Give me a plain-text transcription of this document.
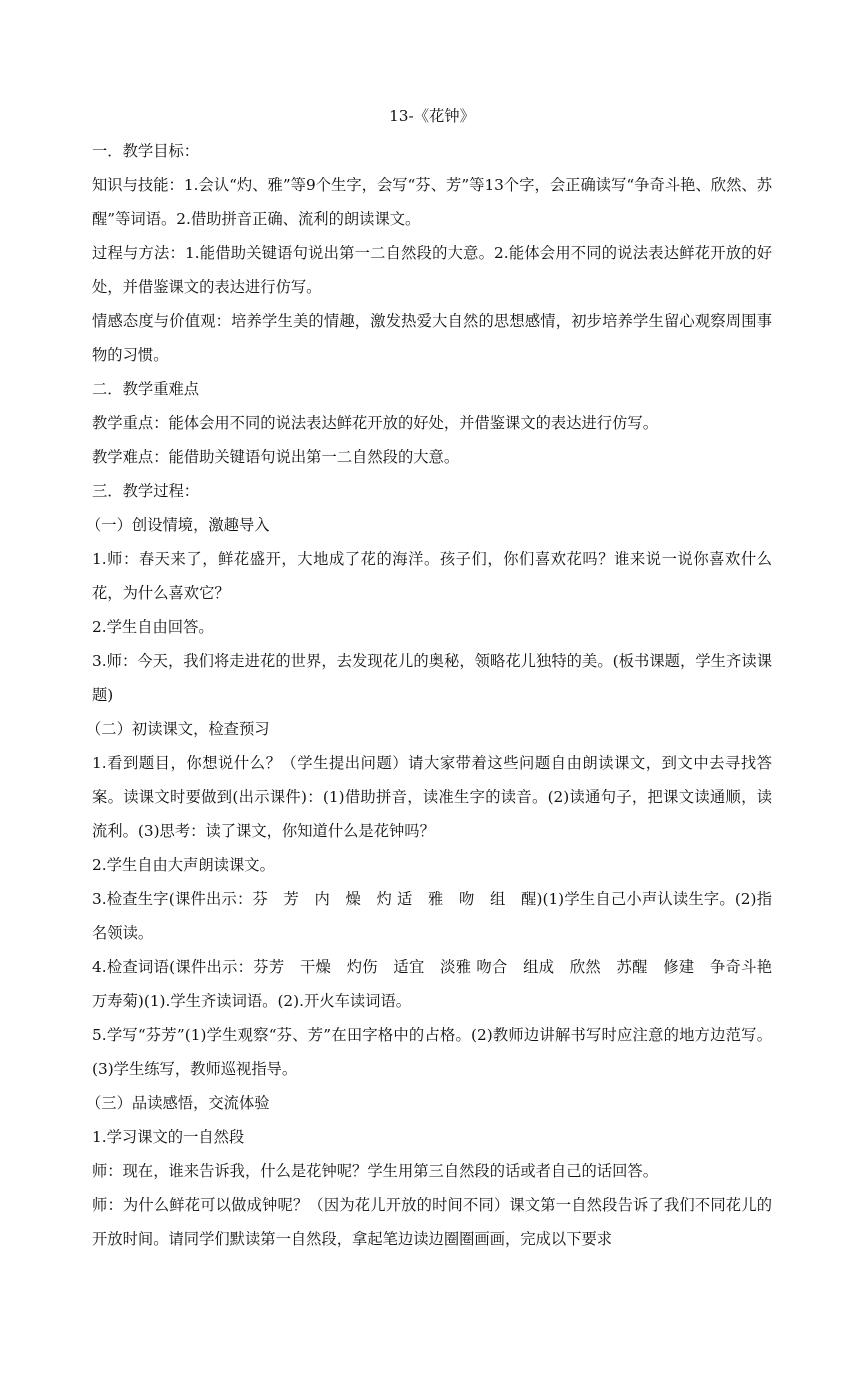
13-《花钟》

一．教学目标：

知识与技能：1.会认“灼、雅”等9个生字，会写“芬、芳”等13个字，会正确读写“争奇斗艳、欣然、苏醒”等词语。2.借助拼音正确、流利的朗读课文。

过程与方法：1.能借助关键语句说出第一二自然段的大意。2.能体会用不同的说法表达鲜花开放的好处，并借鉴课文的表达进行仿写。

情感态度与价值观：培养学生美的情趣，激发热爱大自然的思想感情，初步培养学生留心观察周围事物的习惯。

二．教学重难点

教学重点：能体会用不同的说法表达鲜花开放的好处，并借鉴课文的表达进行仿写。

教学难点：能借助关键语句说出第一二自然段的大意。

三．教学过程：

（一）创设情境，激趣导入

1.师：春天来了，鲜花盛开，大地成了花的海洋。孩子们，你们喜欢花吗？谁来说一说你喜欢什么花，为什么喜欢它？

2.学生自由回答。

3.师：今天，我们将走进花的世界，去发现花儿的奥秘，领略花儿独特的美。(板书课题，学生齐读课题)

（二）初读课文，检查预习

1.看到题目，你想说什么？（学生提出问题）请大家带着这些问题自由朗读课文，到文中去寻找答案。读课文时要做到(出示课件)：(1)借助拼音，读准生字的读音。(2)读通句子，把课文读通顺，读流利。(3)思考：读了课文，你知道什么是花钟吗？

2.学生自由大声朗读课文。

3.检查生字(课件出示：芬　芳　内　燥　灼 适　雅　吻　组　醒)(1)学生自己小声认读生字。(2)指名领读。

4.检查词语(课件出示：芬芳　干燥　灼伤　适宜　淡雅 吻合　组成　欣然　苏醒　修建　争奇斗艳　万寿菊)(1).学生齐读词语。(2).开火车读词语。

5.学写“芬芳”(1)学生观察“芬、芳”在田字格中的占格。(2)教师边讲解书写时应注意的地方边范写。(3)学生练写，教师巡视指导。

（三）品读感悟，交流体验

1.学习课文的一自然段

师：现在，谁来告诉我，什么是花钟呢？学生用第三自然段的话或者自己的话回答。

师：为什么鲜花可以做成钟呢？（因为花儿开放的时间不同）课文第一自然段告诉了我们不同花儿的开放时间。请同学们默读第一自然段，拿起笔边读边圈圈画画，完成以下要求
